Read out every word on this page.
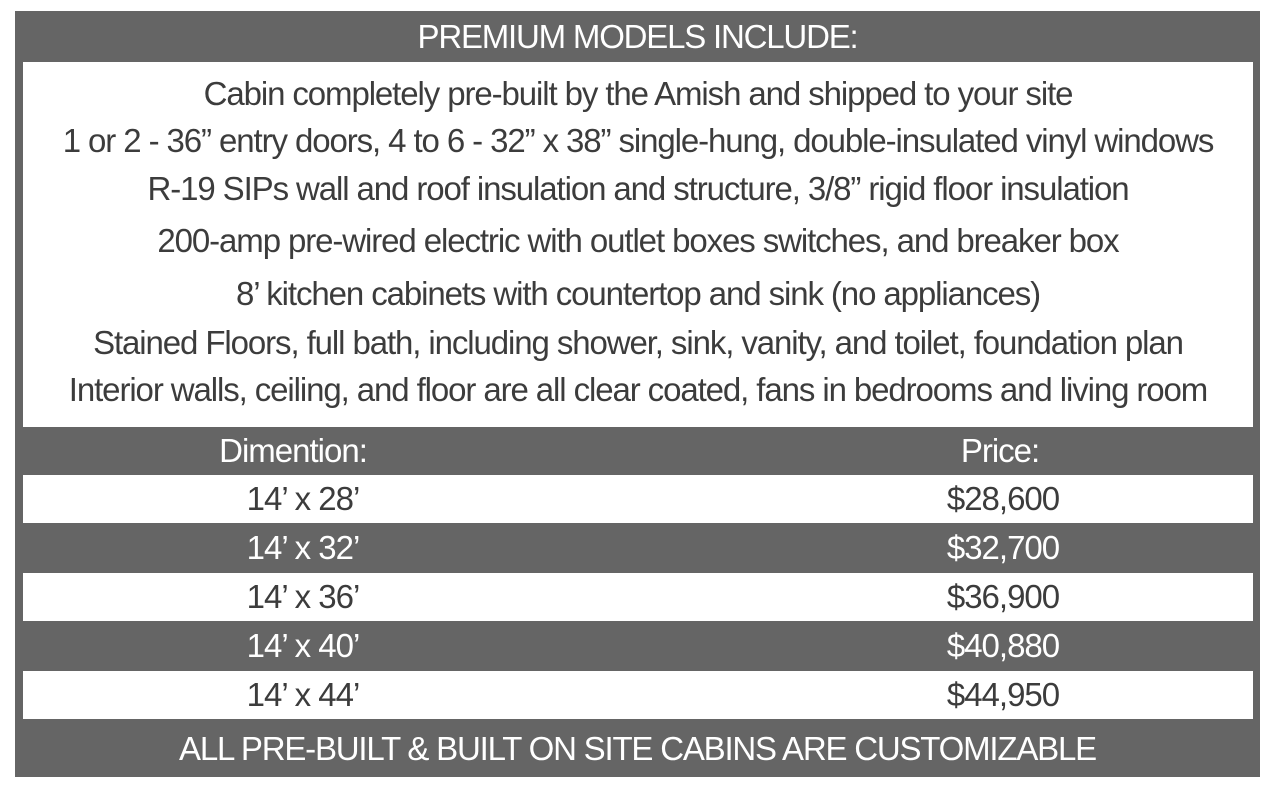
PREMIUM MODELS INCLUDE:
Cabin completely pre-built by the Amish and shipped to your site
1 or 2 - 36” entry doors, 4 to 6 - 32” x 38” single-hung, double-insulated vinyl windows
R-19 SIPs wall and roof insulation and structure, 3/8” rigid floor insulation
200-amp pre-wired electric with outlet boxes switches, and breaker box
8’ kitchen cabinets with countertop and sink (no appliances)
Stained Floors, full bath, including shower, sink, vanity, and toilet, foundation plan
Interior walls, ceiling, and floor are all clear coated, fans in bedrooms and living room
Dimention:	Price:
14’ x 28’	$28,600
14’ x 32’	$32,700
14’ x 36’	$36,900
14’ x 40’	$40,880
14’ x 44’	$44,950
ALL PRE-BUILT & BUILT ON SITE CABINS ARE CUSTOMIZABLE
